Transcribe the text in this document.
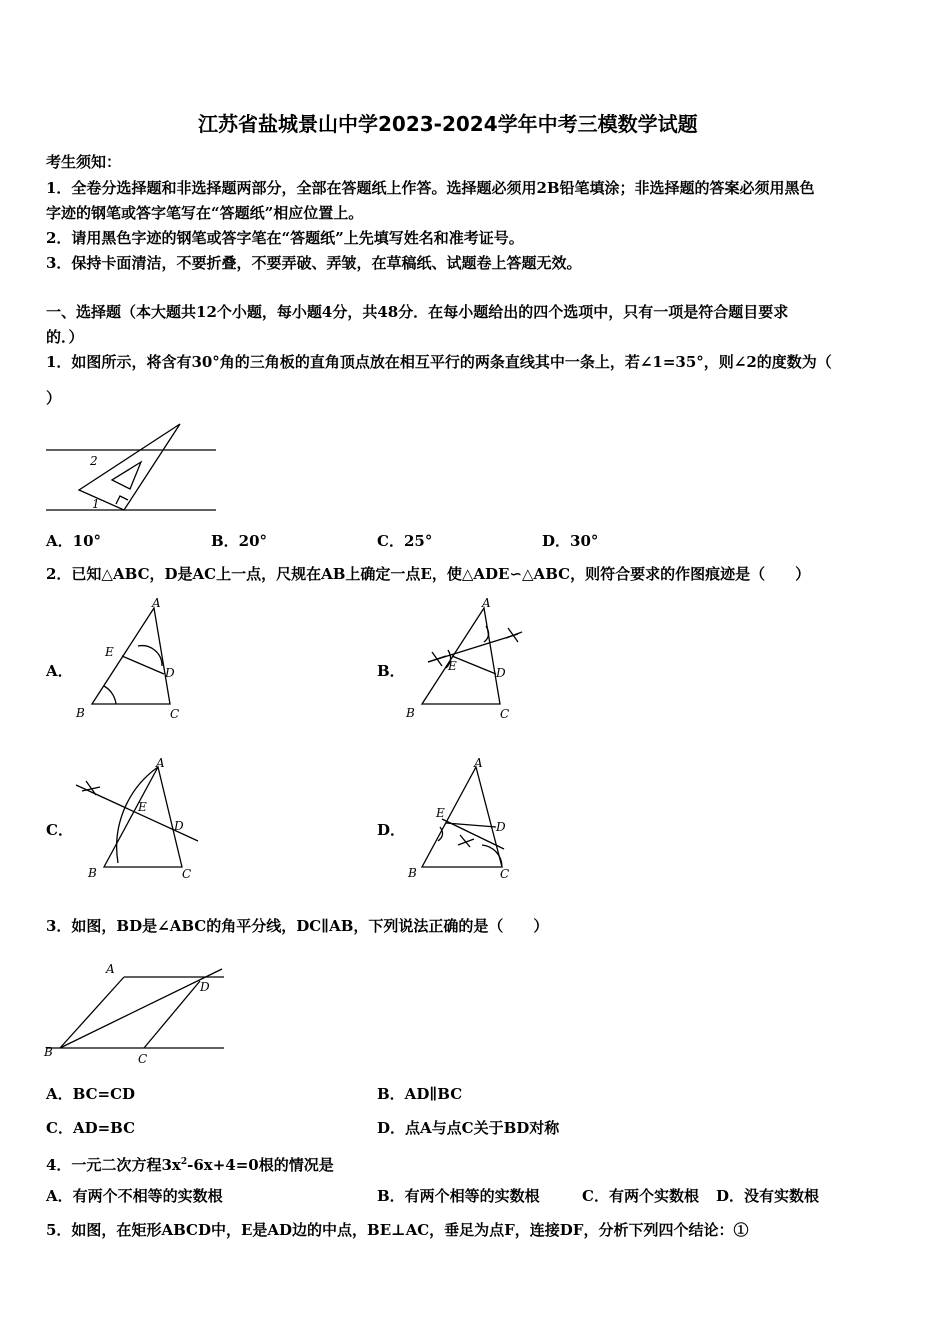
江苏省盐城景山中学2023-2024学年中考三模数学试题
考生须知：
1．全卷分选择题和非选择题两部分，全部在答题纸上作答。选择题必须用2B铅笔填涂；非选择题的答案必须用黑色
字迹的钢笔或答字笔写在“答题纸”相应位置上。
2．请用黑色字迹的钢笔或答字笔在“答题纸”上先填写姓名和准考证号。
3．保持卡面清洁，不要折叠，不要弄破、弄皱，在草稿纸、试题卷上答题无效。
一、选择题（本大题共12个小题，每小题4分，共48分．在每小题给出的四个选项中，只有一项是符合题目要求
的．）
1．如图所示，将含有30°角的三角板的直角顶点放在相互平行的两条直线其中一条上，若∠1=35°，则∠2的度数为（
）
2
1
A．10°	B．20°	C．25°	D．30°
2．已知△ABC，D是AC上一点，尺规在AB上确定一点E，使△ADE∽△ABC，则符合要求的作图痕迹是（　　）
A．
A
B	C
D
E
B．
A
B	C
D
E
C．
A
B	C
D
E
D．
A
B	C
D
E
3．如图，BD是∠ABC的角平分线，DC∥AB，下列说法正确的是（　　）
A
D
B	C
A．BC=CD	B．AD∥BC
C．AD=BC	D．点A与点C关于BD对称
4．一元二次方程$3x^2-6x+4=0$根的情况是
A．有两个不相等的实数根	B．有两个相等的实数根	C．有两个实数根 D．没有实数根
5．如图，在矩形ABCD中，E是AD边的中点，BE⊥AC，垂足为点F，连接DF，分析下列四个结论：①
